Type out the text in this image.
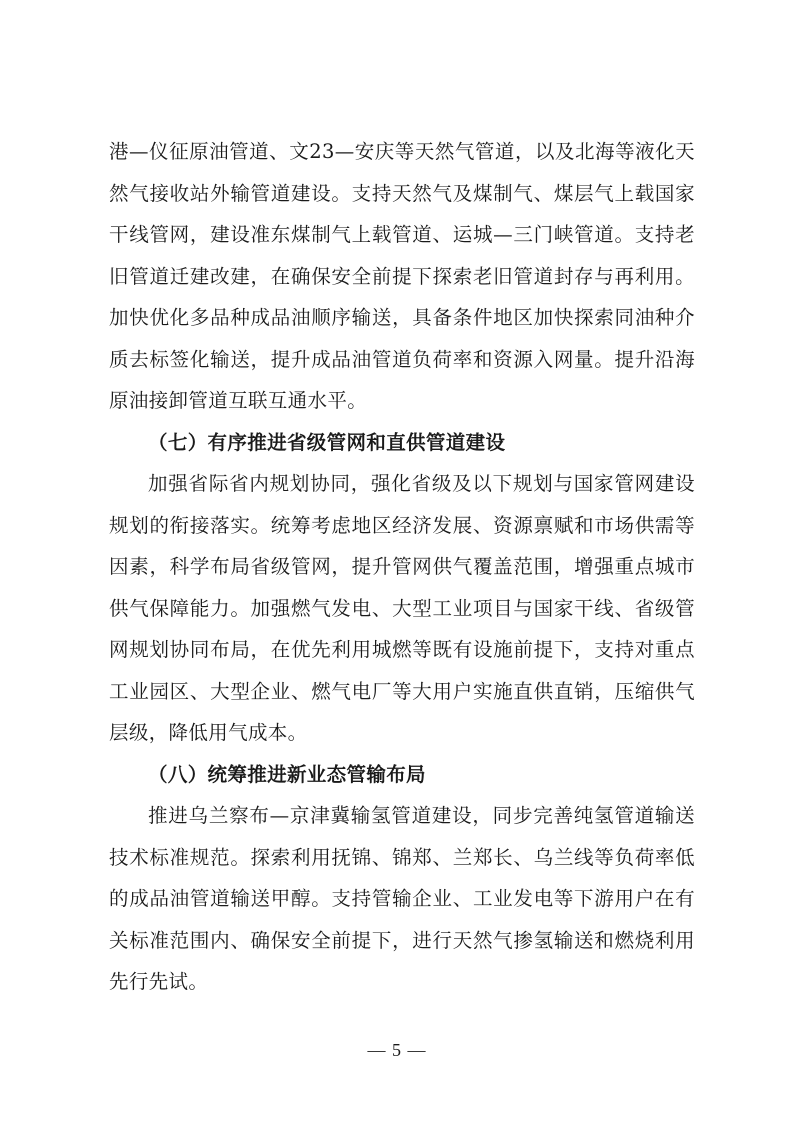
港—仪征原油管道、文23—安庆等天然气管道，以及北海等液化天然气接收站外输管道建设。支持天然气及煤制气、煤层气上载国家干线管网，建设准东煤制气上载管道、运城—三门峡管道。支持老旧管道迁建改建，在确保安全前提下探索老旧管道封存与再利用。加快优化多品种成品油顺序输送，具备条件地区加快探索同油种介质去标签化输送，提升成品油管道负荷率和资源入网量。提升沿海原油接卸管道互联互通水平。

（七）有序推进省级管网和直供管道建设

加强省际省内规划协同，强化省级及以下规划与国家管网建设规划的衔接落实。统筹考虑地区经济发展、资源禀赋和市场供需等因素，科学布局省级管网，提升管网供气覆盖范围，增强重点城市供气保障能力。加强燃气发电、大型工业项目与国家干线、省级管网规划协同布局，在优先利用城燃等既有设施前提下，支持对重点工业园区、大型企业、燃气电厂等大用户实施直供直销，压缩供气层级，降低用气成本。

（八）统筹推进新业态管输布局

推进乌兰察布—京津冀输氢管道建设，同步完善纯氢管道输送技术标准规范。探索利用抚锦、锦郑、兰郑长、乌兰线等负荷率低的成品油管道输送甲醇。支持管输企业、工业发电等下游用户在有关标准范围内、确保安全前提下，进行天然气掺氢输送和燃烧利用先行先试。

— 5 —
